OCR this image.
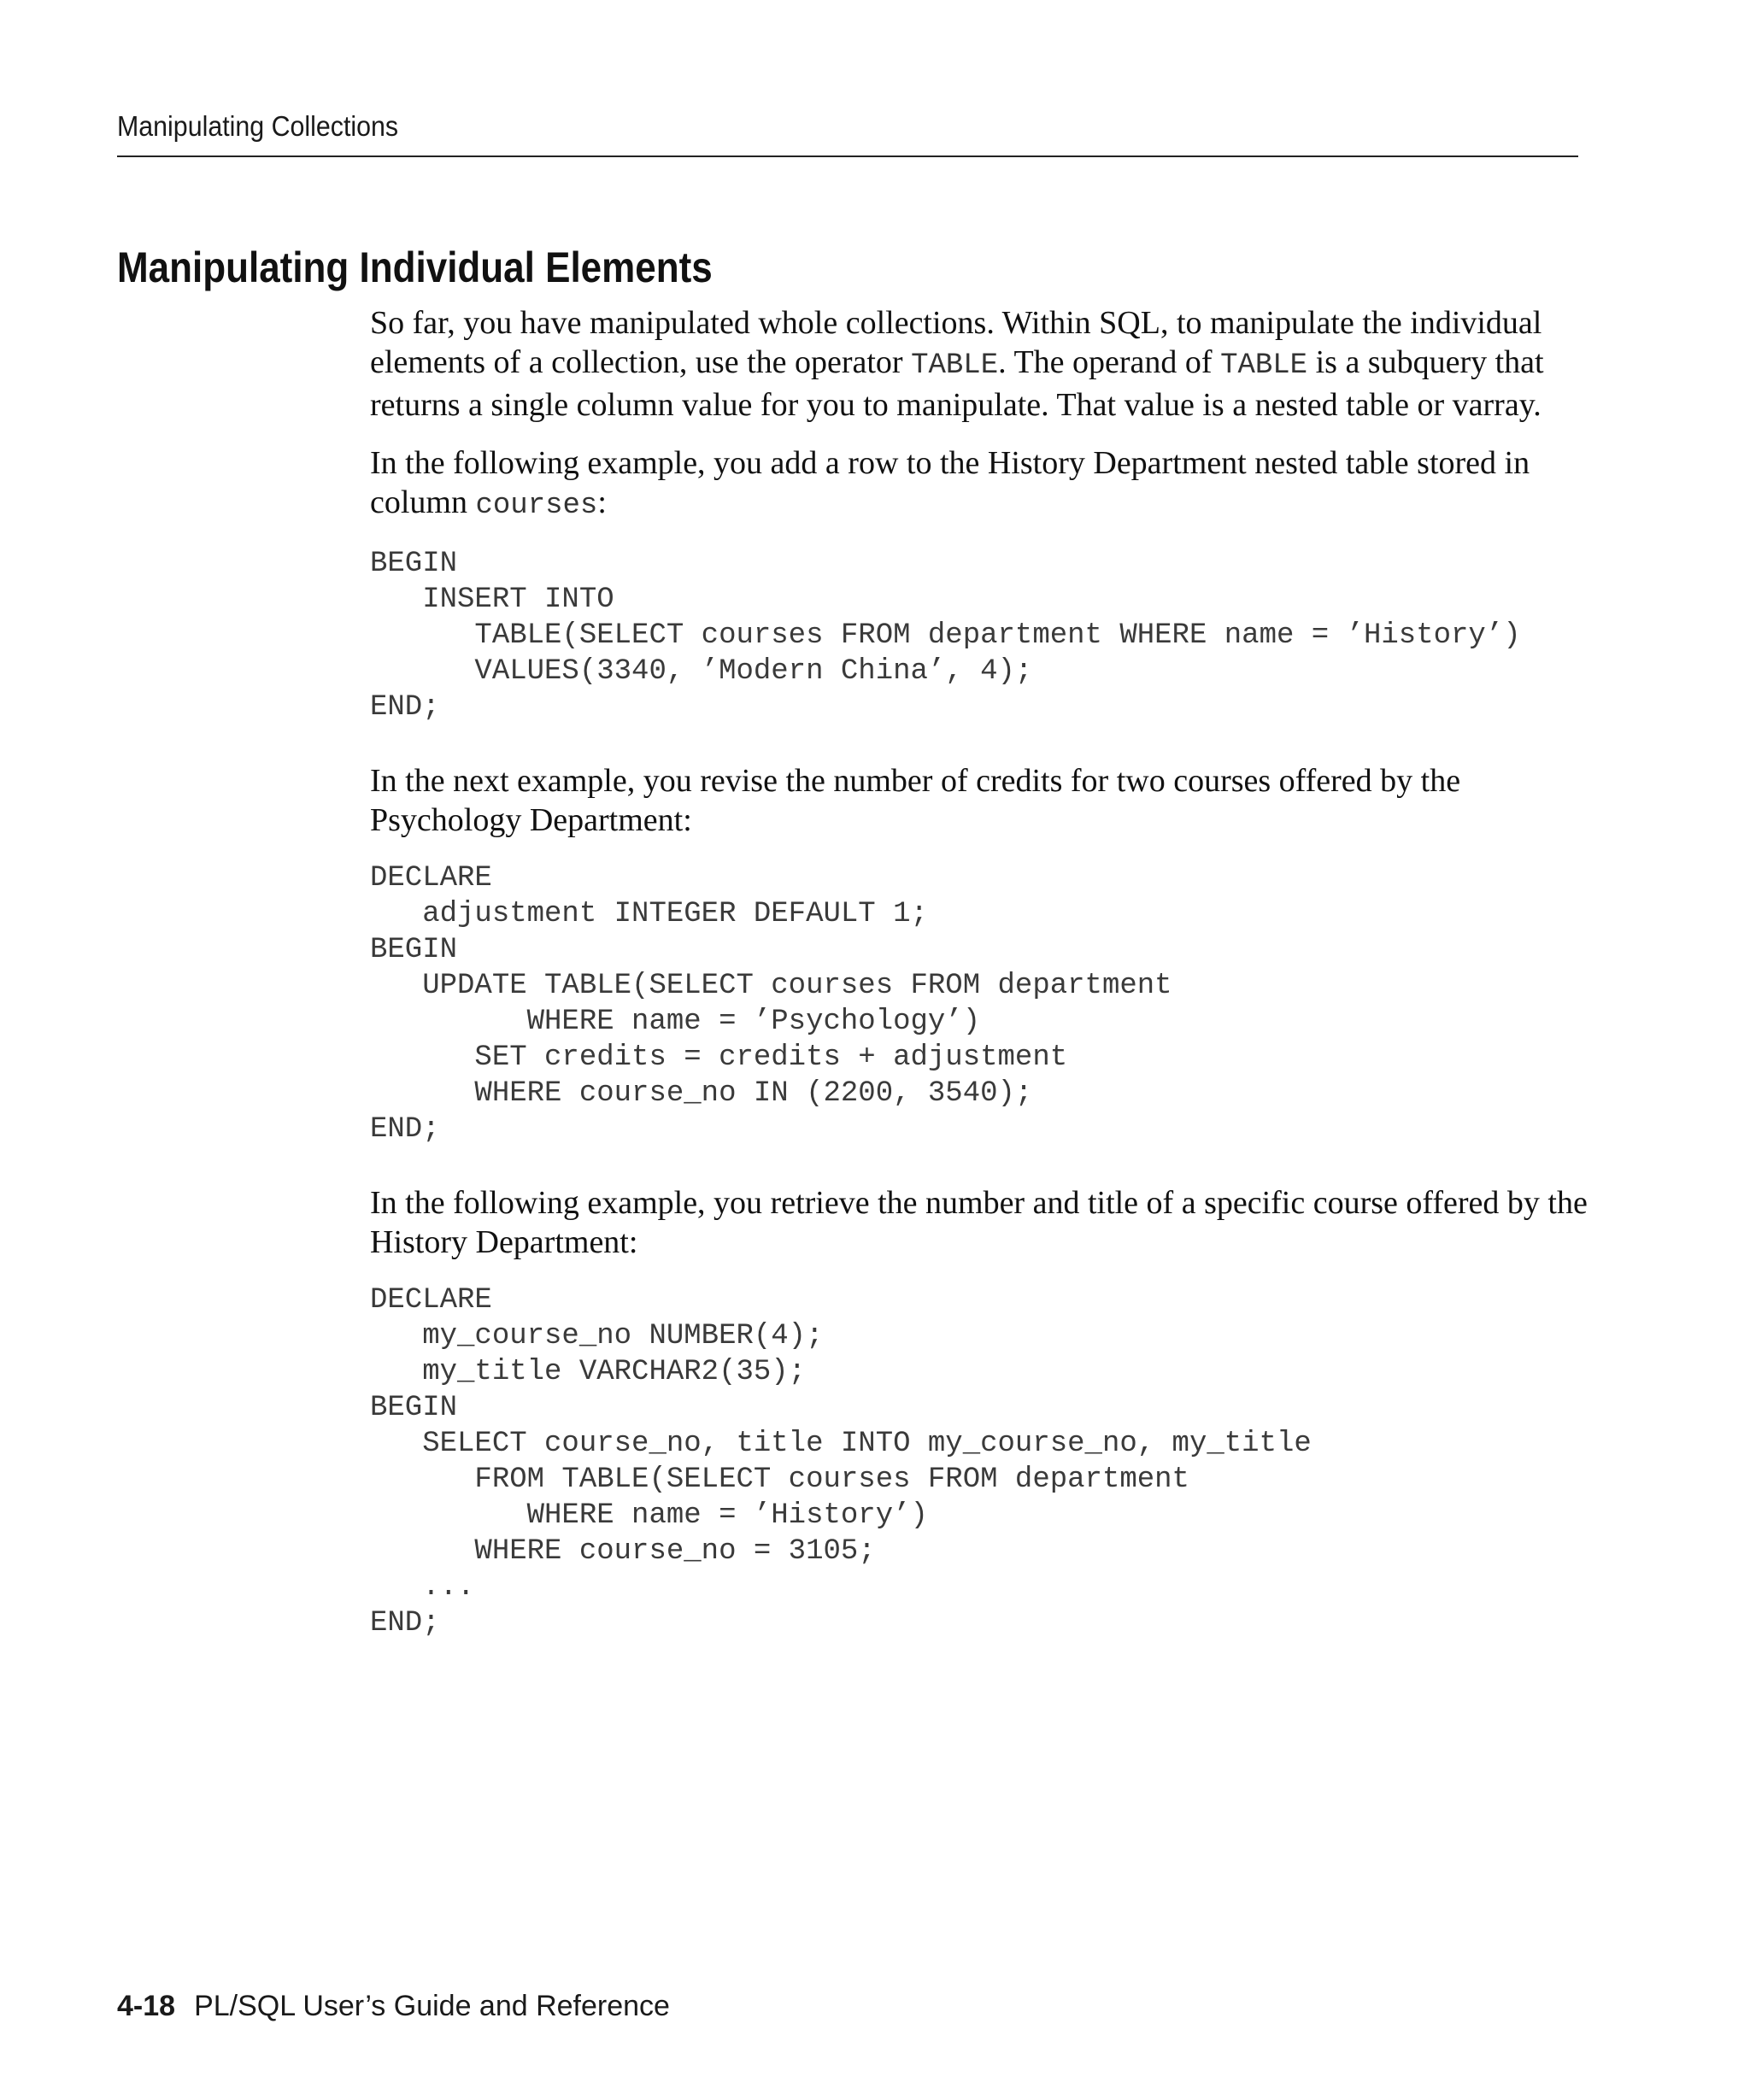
Manipulating Collections
Manipulating Individual Elements

So far, you have manipulated whole collections. Within SQL, to manipulate the individual elements of a collection, use the operator TABLE. The operand of TABLE is a subquery that returns a single column value for you to manipulate. That value is a nested table or varray.

In the following example, you add a row to the History Department nested table stored in column courses:

BEGIN
INSERT INTO
TABLE(SELECT courses FROM department WHERE name = ’History’)
VALUES(3340, ’Modern China’, 4);
END;

In the next example, you revise the number of credits for two courses offered by the Psychology Department:

DECLARE
adjustment INTEGER DEFAULT 1;
BEGIN
UPDATE TABLE(SELECT courses FROM department
WHERE name = ’Psychology’)
SET credits = credits + adjustment
WHERE course_no IN (2200, 3540);
END;

In the following example, you retrieve the number and title of a specific course offered by the History Department:

DECLARE
my_course_no NUMBER(4);
my_title VARCHAR2(35);
BEGIN
SELECT course_no, title INTO my_course_no, my_title
FROM TABLE(SELECT courses FROM department
WHERE name = ’History’)
WHERE course_no = 3105;
...
END;
4-18 PL/SQL User’s Guide and Reference
